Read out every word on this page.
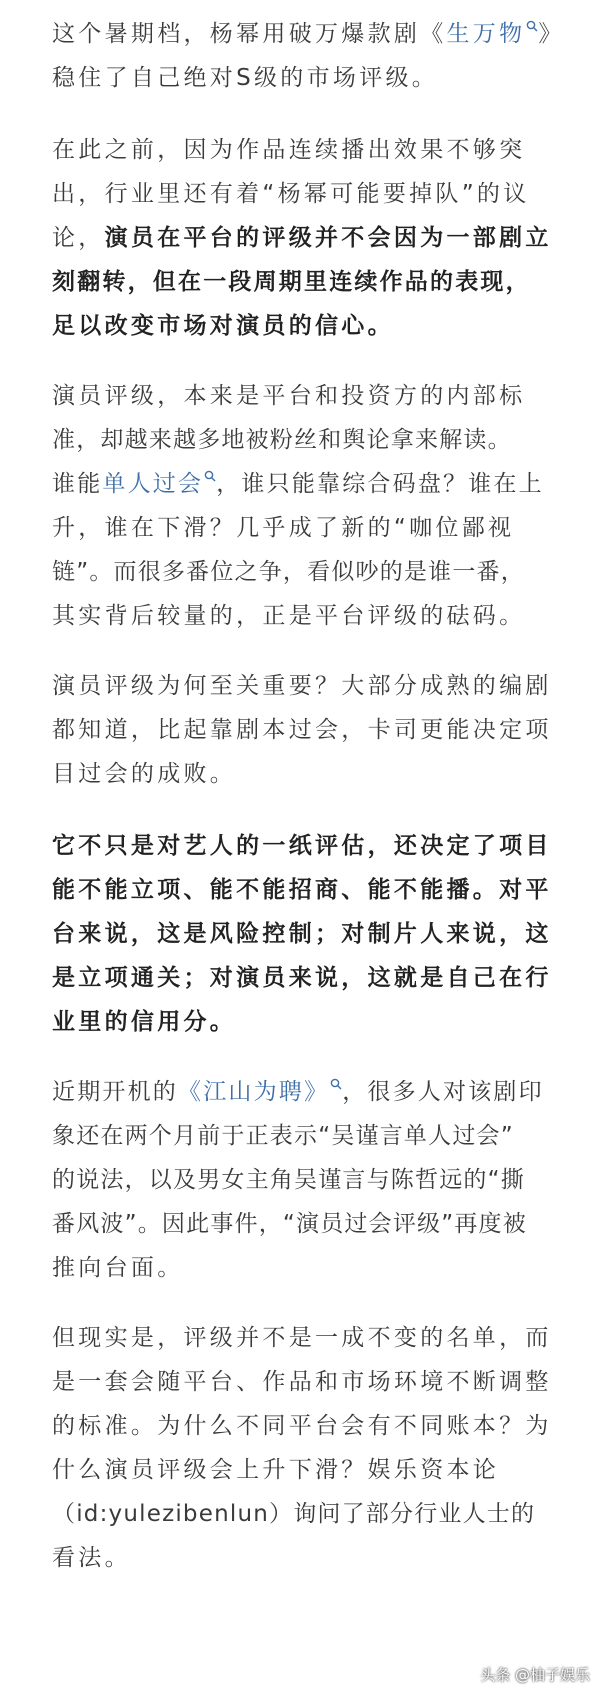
这个暑期档，杨幂用破万爆款剧《生万物 》
稳住了自己绝对S级的市场评级。
在此之前，因为作品连续播出效果不够突
出，行业里还有着“杨幂可能要掉队”的议
论，演员在平台的评级并不会因为一部剧立
刻翻转，但在一段周期里连续作品的表现，
足以改变市场对演员的信心。
演员评级，本来是平台和投资方的内部标
准，却越来越多地被粉丝和舆论拿来解读。
谁能单人过会 ，谁只能靠综合码盘？谁在上
升，谁在下滑？几乎成了新的“咖位鄙视
链”。而很多番位之争，看似吵的是谁一番，
其实背后较量的，正是平台评级的砝码。
演员评级为何至关重要？大部分成熟的编剧
都知道，比起靠剧本过会，卡司更能决定项
目过会的成败。
它不只是对艺人的一纸评估，还决定了项目
能不能立项、能不能招商、能不能播。对平
台来说，这是风险控制；对制片人来说，这
是立项通关；对演员来说，这就是自己在行
业里的信用分。
近期开机的《江山为聘》 ，很多人对该剧印
象还在两个月前于正表示“吴谨言单人过会”
的说法，以及男女主角吴谨言与陈哲远的“撕
番风波”。因此事件，“演员过会评级”再度被
推向台面。
但现实是，评级并不是一成不变的名单，而
是一套会随平台、作品和市场环境不断调整
的标准。为什么不同平台会有不同账本？为
什么演员评级会上升下滑？娱乐资本论
（id:yulezibenlun）询问了部分行业人士的
看法。
头条 @柚子娱乐
